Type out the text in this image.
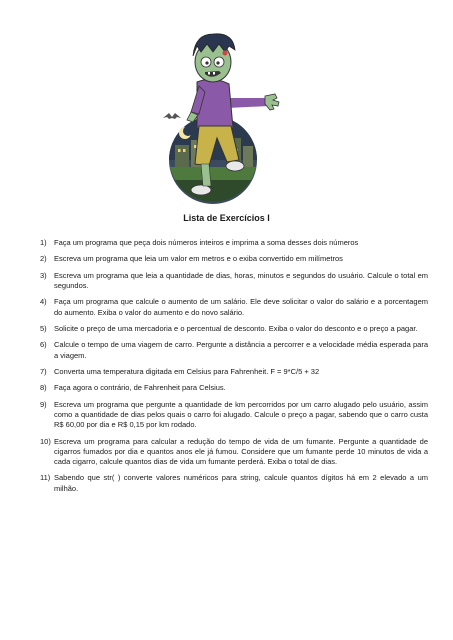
Lista de Exercícios I
1) Faça um programa que peça dois números inteiros e imprima a soma desses dois números
2) Escreva um programa que leia um valor em metros e o exiba convertido em milímetros
3) Escreva um programa que leia a quantidade de dias, horas, minutos e segundos do usuário. Calcule o total em segundos.
4) Faça um programa que calcule o aumento de um salário. Ele deve solicitar o valor do salário e a porcentagem do aumento. Exiba o valor do aumento e do novo salário.
5) Solicite o preço de uma mercadoria e o percentual de desconto. Exiba o valor do desconto e o preço a pagar.
6) Calcule o tempo de uma viagem de carro. Pergunte a distância a percorrer e a velocidade média esperada para a viagem.
7) Converta uma temperatura digitada em Celsius para Fahrenheit. F = 9*C/5 + 32
8) Faça agora o contrário, de Fahrenheit para Celsius.
9) Escreva um programa que pergunte a quantidade de km percorridos por um carro alugado pelo usuário, assim como a quantidade de dias pelos quais o carro foi alugado. Calcule o preço a pagar, sabendo que o carro custa R$ 60,00 por dia e R$ 0,15 por km rodado.
10) Escreva um programa para calcular a redução do tempo de vida de um fumante. Pergunte a quantidade de cigarros fumados por dia e quantos anos ele já fumou. Considere que um fumante perde 10 minutos de vida a cada cigarro, calcule quantos dias de vida um fumante perderá. Exiba o total de dias.
11) Sabendo que str( ) converte valores numéricos para string, calcule quantos dígitos há em 2 elevado a um milhão.
